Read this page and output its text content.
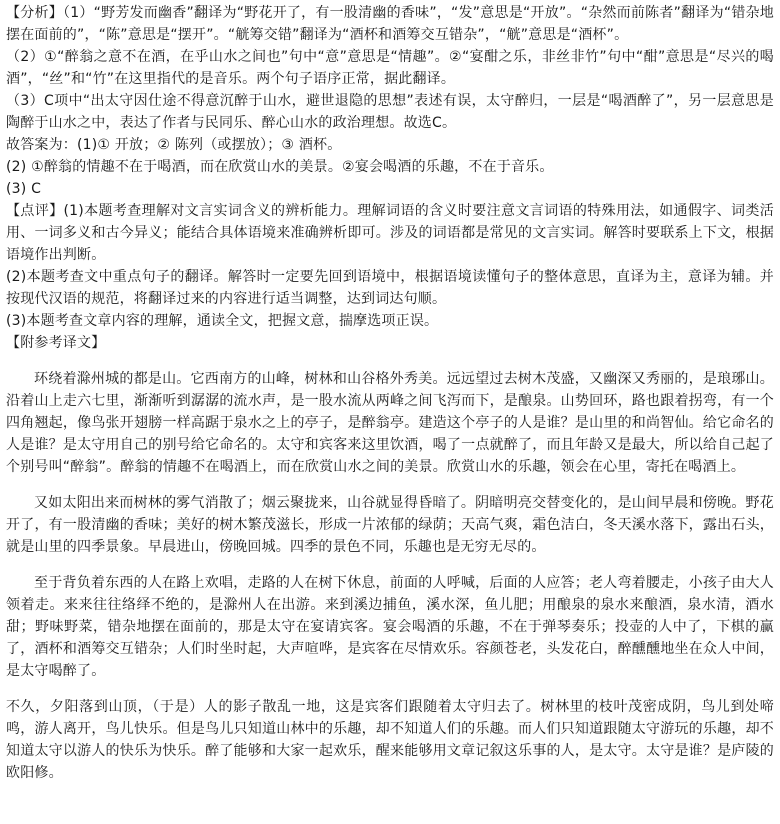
【分析】（1）“野芳发而幽香”翻译为“野花开了，有一股清幽的香味”，“发”意思是“开放”。“杂然而前陈者”翻译为“错杂地摆在面前的”，“陈”意思是“摆开”。“觥筹交错”翻译为“酒杯和酒筹交互错杂”，“觥”意思是“酒杯”。

（2）①“醉翁之意不在酒，在乎山水之间也”句中“意”意思是“情趣”。②“宴酣之乐，非丝非竹”句中“酣”意思是“尽兴的喝酒”，“丝”和“竹”在这里指代的是音乐。两个句子语序正常，据此翻译。

（3）C项中“出太守因仕途不得意沉醉于山水，避世退隐的思想”表述有误，太守醉归，一层是“喝酒醉了”，另一层意思是陶醉于山水之中，表达了作者与民同乐、醉心山水的政治理想。故选C。

故答案为：(1)① 开放；② 陈列（或摆放）；③ 酒杯。

(2) ①醉翁的情趣不在于喝酒，而在欣赏山水的美景。②宴会喝酒的乐趣，不在于音乐。

(3) C

【点评】(1)本题考查理解对文言实词含义的辨析能力。理解词语的含义时要注意文言词语的特殊用法，如通假字、词类活用、一词多义和古今异义；能结合具体语境来准确辨析即可。涉及的词语都是常见的文言实词。解答时要联系上下文，根据语境作出判断。

(2)本题考查文中重点句子的翻译。解答时一定要先回到语境中，根据语境读懂句子的整体意思，直译为主，意译为辅。并按现代汉语的规范，将翻译过来的内容进行适当调整，达到词达句顺。

(3)本题考查文章内容的理解，通读全文，把握文意，揣摩选项正误。

【附参考译文】

环绕着滁州城的都是山。它西南方的山峰，树林和山谷格外秀美。远远望过去树木茂盛，又幽深又秀丽的，是琅琊山。沿着山上走六七里，渐渐听到潺潺的流水声，是一股水流从两峰之间飞泻而下，是酿泉。山势回环，路也跟着拐弯，有一个四角翘起，像鸟张开翅膀一样高踞于泉水之上的亭子，是醉翁亭。建造这个亭子的人是谁？是山里的和尚智仙。给它命名的人是谁？是太守用自己的别号给它命名的。太守和宾客来这里饮酒，喝了一点就醉了，而且年龄又是最大，所以给自己起了个别号叫“醉翁”。醉翁的情趣不在喝酒上，而在欣赏山水之间的美景。欣赏山水的乐趣，领会在心里，寄托在喝酒上。

又如太阳出来而树林的雾气消散了；烟云聚拢来，山谷就显得昏暗了。阴暗明亮交替变化的，是山间早晨和傍晚。野花开了，有一股清幽的香味；美好的树木繁茂滋长，形成一片浓郁的绿荫；天高气爽，霜色洁白，冬天溪水落下，露出石头，就是山里的四季景象。早晨进山，傍晚回城。四季的景色不同，乐趣也是无穷无尽的。

至于背负着东西的人在路上欢唱，走路的人在树下休息，前面的人呼喊，后面的人应答；老人弯着腰走，小孩子由大人领着走。来来往往络绎不绝的，是滁州人在出游。来到溪边捕鱼，溪水深，鱼儿肥；用酿泉的泉水来酿酒，泉水清，酒水甜；野味野菜，错杂地摆在面前的，那是太守在宴请宾客。宴会喝酒的乐趣，不在于弹琴奏乐；投壶的人中了，下棋的赢了，酒杯和酒筹交互错杂；人们时坐时起，大声喧哗，是宾客在尽情欢乐。容颜苍老，头发花白，醉醺醺地坐在众人中间，是太守喝醉了。

不久，夕阳落到山顶，（于是）人的影子散乱一地，这是宾客们跟随着太守归去了。树林里的枝叶茂密成阴，鸟儿到处啼鸣，游人离开，鸟儿快乐。但是鸟儿只知道山林中的乐趣，却不知道人们的乐趣。而人们只知道跟随太守游玩的乐趣，却不知道太守以游人的快乐为快乐。醉了能够和大家一起欢乐，醒来能够用文章记叙这乐事的人，是太守。太守是谁？是庐陵的欧阳修。
